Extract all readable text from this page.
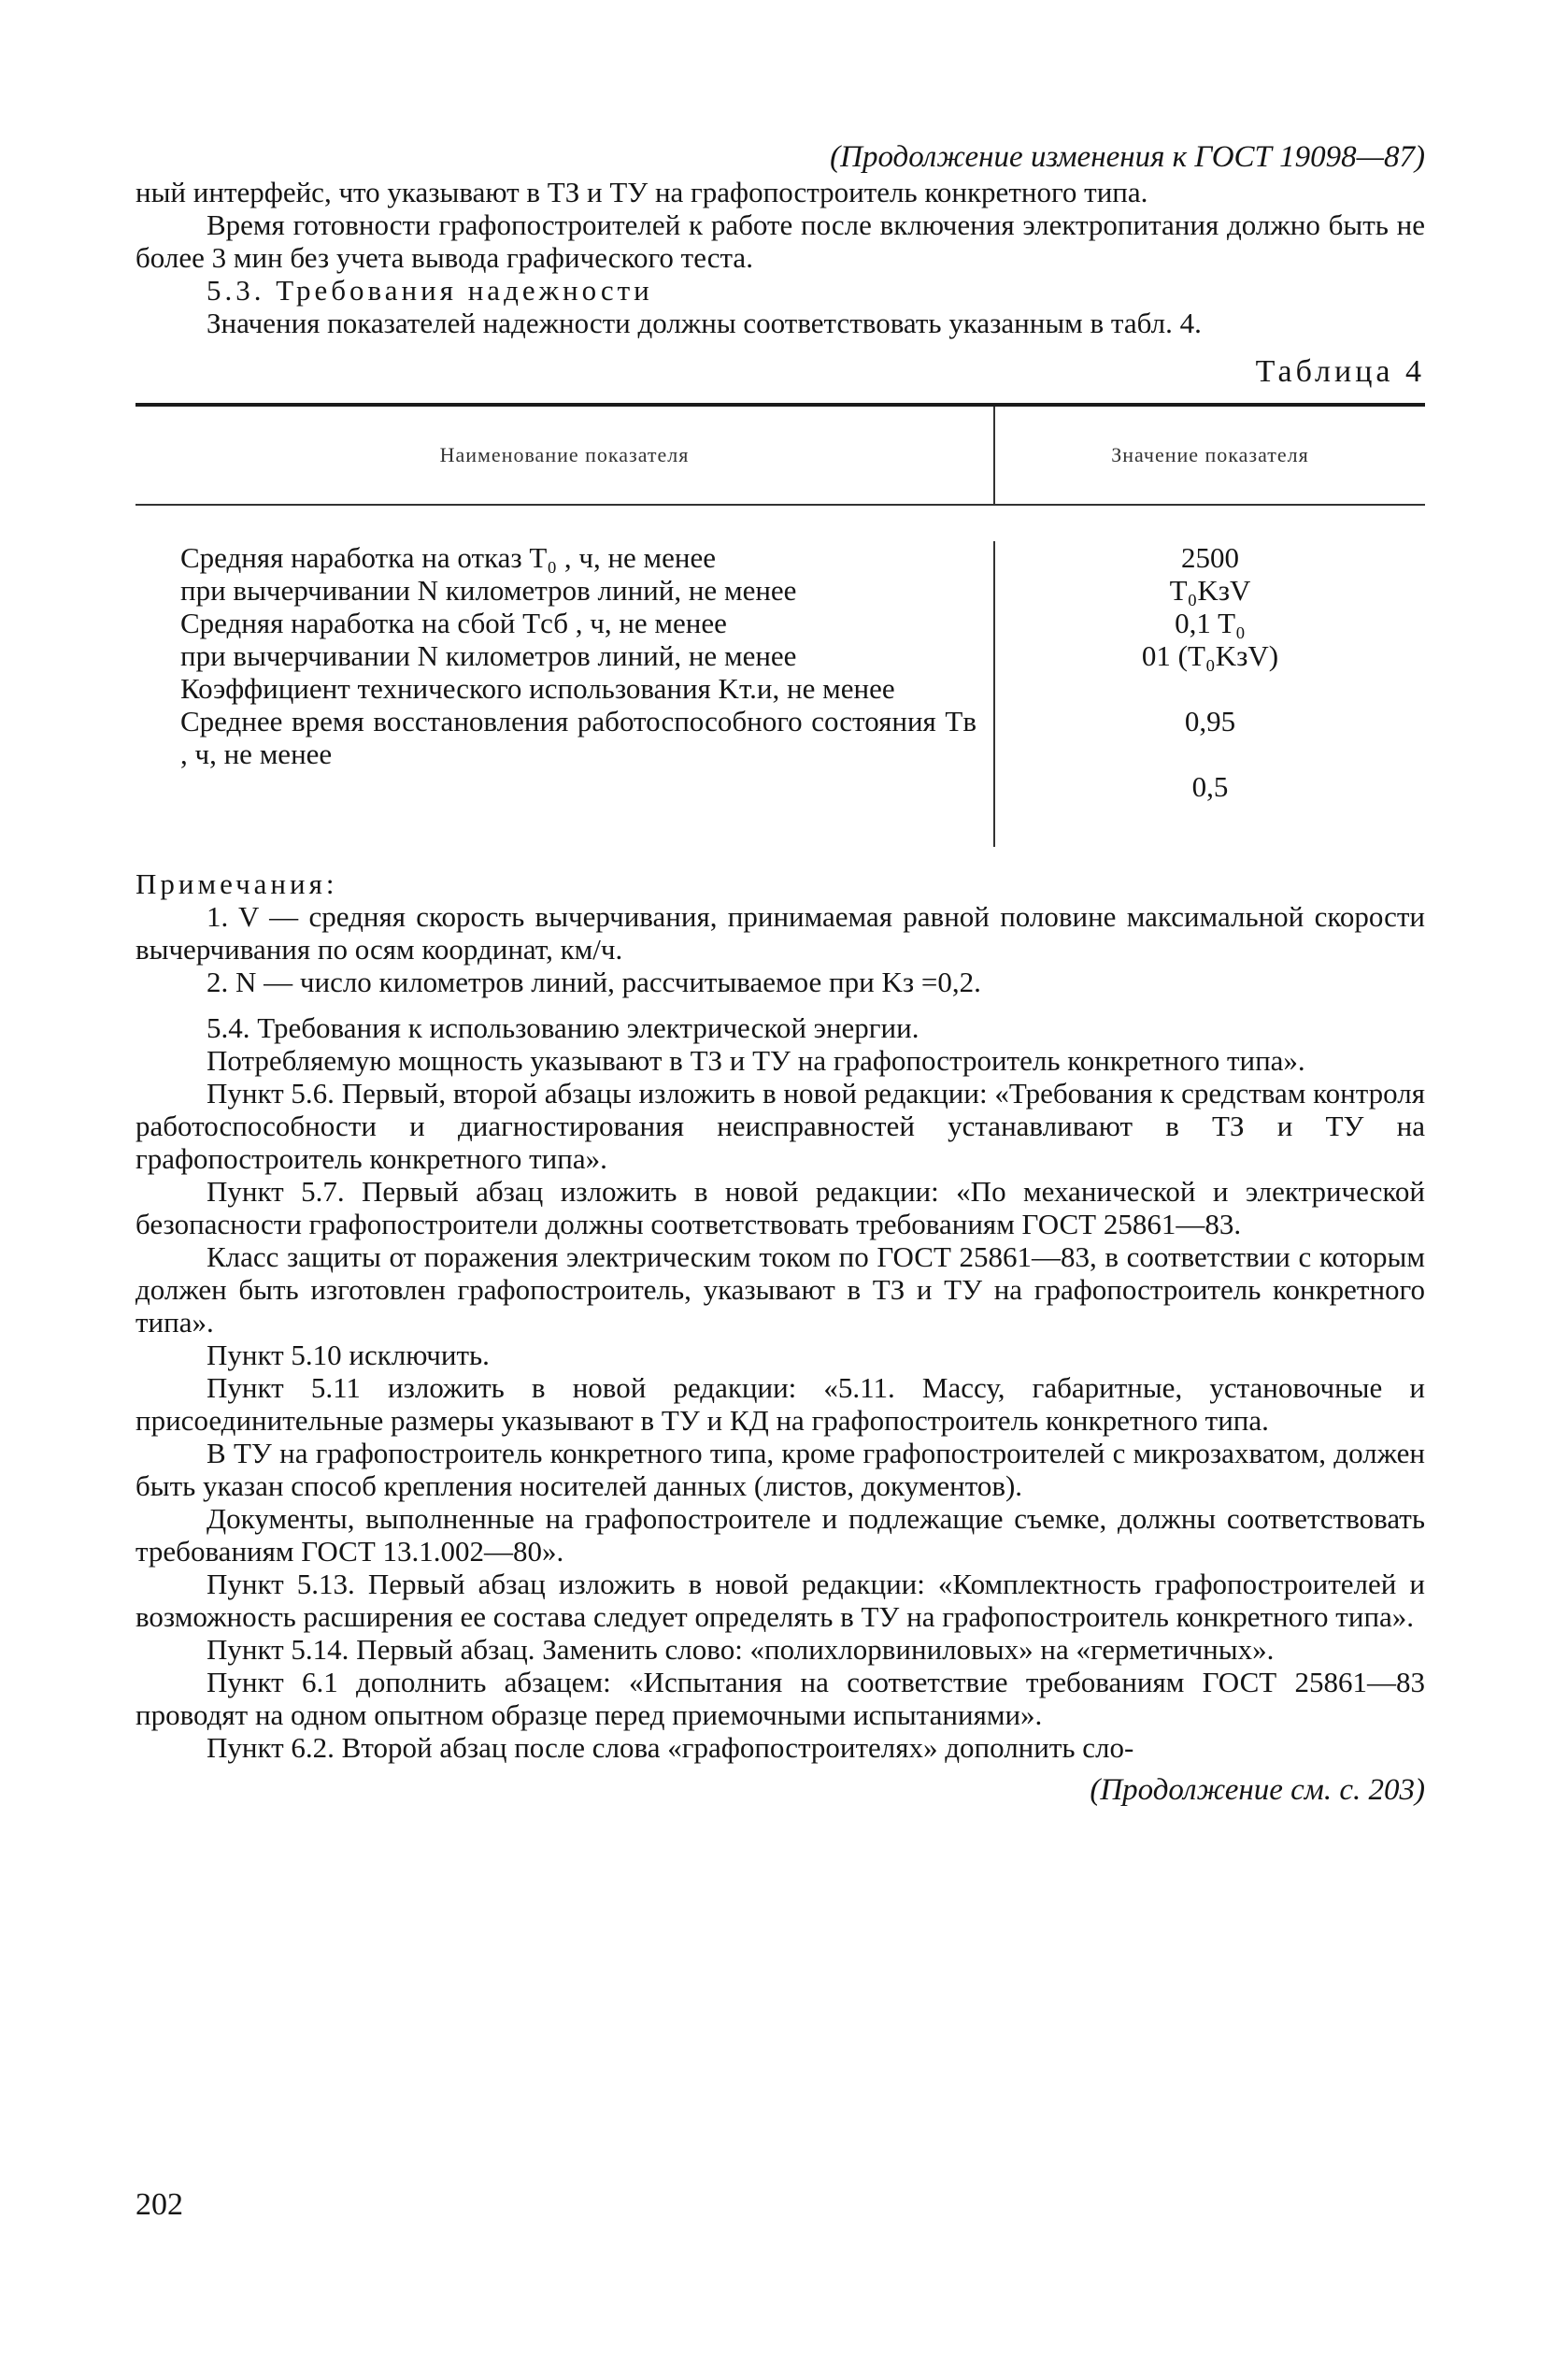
(Продолжение изменения к ГОСТ 19098—87)

ный интерфейс, что указывают в ТЗ и ТУ на графопостроитель конкретного типа.

Время готовности графопостроителей к работе после включения электропитания должно быть не более 3 мин без учета вывода графического теста.

5.3. Требования надежности

Значения показателей надежности должны соответствовать указанным в табл. 4.

Таблица 4
Наименование показателя	Значение показателя
Средняя наработка на отказ T₀ , ч, не менее
при вычерчивании N километров линий, не менее
Средняя наработка на сбой Tсб , ч, не менее
при вычерчивании N километров линий, не менее
Коэффициент технического использования Kт.и, не менее
Среднее время восстановления работоспособного состояния Tв , ч, не менее
2500
T₀KзV
0,1 T₀
01 (T₀KзV)
0,95
0,5

Примечания:

1. V — средняя скорость вычерчивания, принимаемая равной половине максимальной скорости вычерчивания по осям координат, км/ч.

2. N — число километров линий, рассчитываемое при Kз =0,2.

5.4. Требования к использованию электрической энергии.

Потребляемую мощность указывают в ТЗ и ТУ на графопостроитель конкретного типа».

Пункт 5.6. Первый, второй абзацы изложить в новой редакции: «Требования к средствам контроля работоспособности и диагностирования неисправностей устанавливают в ТЗ и ТУ на графопостроитель конкретного типа».

Пункт 5.7. Первый абзац изложить в новой редакции: «По механической и электрической безопасности графопостроители должны соответствовать требованиям ГОСТ 25861—83.

Класс защиты от поражения электрическим током по ГОСТ 25861—83, в соответствии с которым должен быть изготовлен графопостроитель, указывают в ТЗ и ТУ на графопостроитель конкретного типа».

Пункт 5.10 исключить.

Пункт 5.11 изложить в новой редакции: «5.11. Массу, габаритные, установочные и присоединительные размеры указывают в ТУ и КД на графопостроитель конкретного типа.

В ТУ на графопостроитель конкретного типа, кроме графопостроителей с микрозахватом, должен быть указан способ крепления носителей данных (листов, документов).

Документы, выполненные на графопостроителе и подлежащие съемке, должны соответствовать требованиям ГОСТ 13.1.002—80».

Пункт 5.13. Первый абзац изложить в новой редакции: «Комплектность графопостроителей и возможность расширения ее состава следует определять в ТУ на графопостроитель конкретного типа».

Пункт 5.14. Первый абзац. Заменить слово: «полихлорвиниловых» на «герметичных».

Пункт 6.1 дополнить абзацем: «Испытания на соответствие требованиям ГОСТ 25861—83 проводят на одном опытном образце перед приемочными испытаниями».

Пункт 6.2. Второй абзац после слова «графопостроителях» дополнить сло-

(Продолжение см. с. 203)
202
